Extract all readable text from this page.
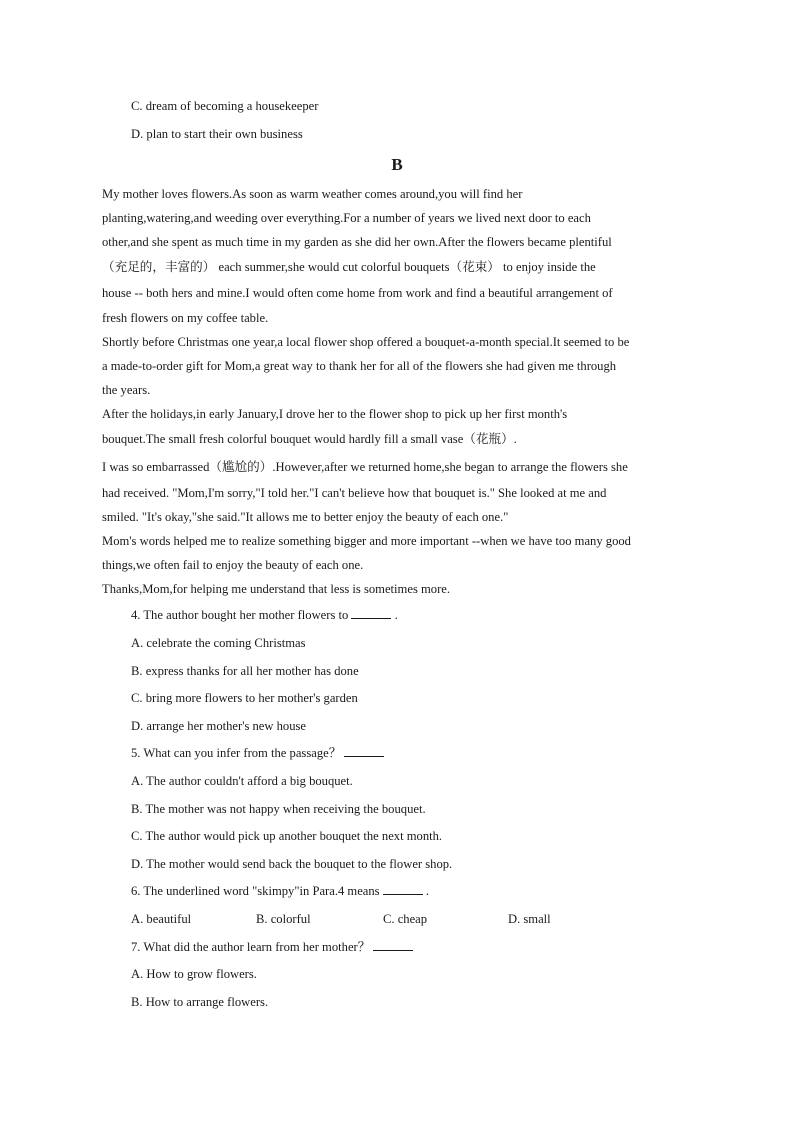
C. dream of becoming a housekeeper
D. plan to start their own business
B
My mother loves flowers.As soon as warm weather comes around,you will find her
planting,watering,and weeding over everything.For a number of years we lived next door to each
other,and she spent as much time in my garden as she did her own.After the flowers became plentiful
（充足的，丰富的） each summer,she would cut colorful bouquets（花束） to enjoy inside the
house -- both hers and mine.I would often come home from work and find a beautiful arrangement of
fresh flowers on my coffee table.
Shortly before Christmas one year,a local flower shop offered a bouquet-a-month special.It seemed to be
a made-to-order gift for Mom,a great way to thank her for all of the flowers she had given me through
the years.
After the holidays,in early January,I drove her to the flower shop to pick up her first month's
bouquet.The small fresh colorful bouquet would hardly fill a small vase（花瓶）.
I was so embarrassed（尴尬的）.However,after we returned home,she began to arrange the flowers she
had received. "Mom,I'm sorry,"I told her."I can't believe how that bouquet is." She looked at me and
smiled. "It's okay,"she said."It allows me to better enjoy the beauty of each one."
Mom's words helped me to realize something bigger and more important --when we have too many good
things,we often fail to enjoy the beauty of each one.
Thanks,Mom,for helping me understand that less is sometimes more.
4. The author bought her mother flowers to	.
A. celebrate the coming Christmas
B. express thanks for all her mother has done
C. bring more flowers to her mother's garden
D. arrange her mother's new house
5. What can you infer from the passage？
A. The author couldn't afford a big bouquet.
B. The mother was not happy when receiving the bouquet.
C. The author would pick up another bouquet the next month.
D. The mother would send back the bouquet to the flower shop.
6. The underlined word "skimpy"in Para.4 means	.
A. beautiful	B. colorful	C. cheap	D. small
7. What did the author learn from her mother？
A. How to grow flowers.
B. How to arrange flowers.
